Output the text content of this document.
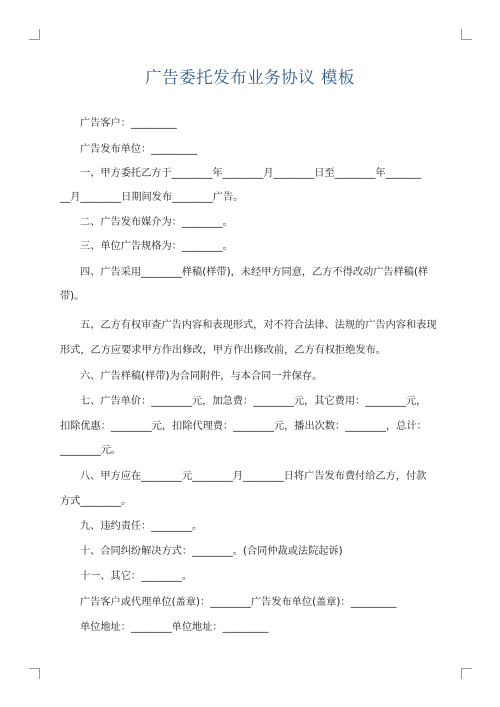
广告委托发布业务协议 模板
广告客户：_________
广告发布单位：_________
一、甲方委托乙方于________年________月________日至________年_______
__月________日期间发布________广告。
二、广告发布媒介为：________。
三、单位广告规格为：________。
四、广告采用________样稿(样带)，未经甲方同意，乙方不得改动广告样稿(样
带)。
五、乙方有权审查广告内容和表现形式，对不符合法律、法规的广告内容和表现
形式，乙方应要求甲方作出修改，甲方作出修改前，乙方有权拒绝发布。
六、广告样稿(样带)为合同附件，与本合同一并保存。
七、广告单价：________元，加急费：________元，其它费用：________元，
扣除优惠：________元，扣除代理费：________元，播出次数：________，总计：
________元。
八、甲方应在________元________月________日将广告发布费付给乙方，付款
方式________。
九、违约责任：________。
十、合同纠纷解决方式：________。(合同仲裁或法院起诉)
十一、其它：________。
广告客户或代理单位(盖章)：________广告发布单位(盖章)：_________
单位地址：________单位地址：_________
